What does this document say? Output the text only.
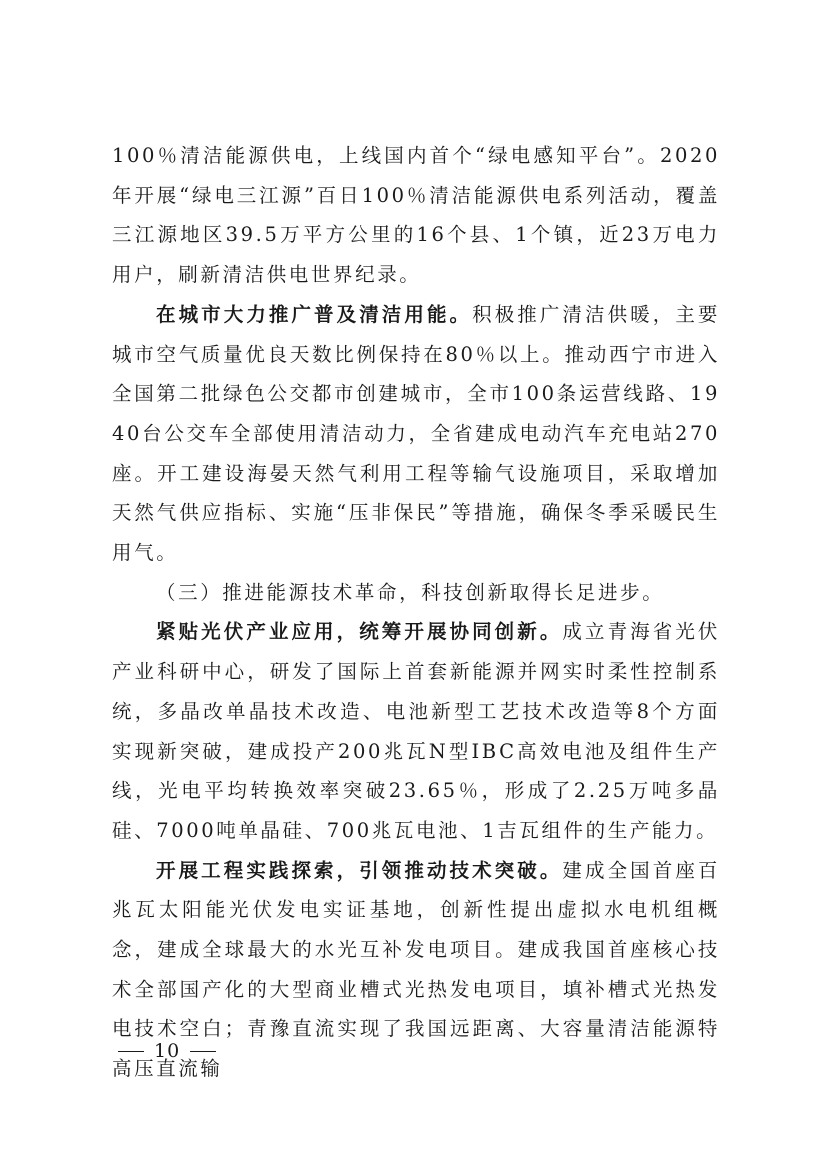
100％清洁能源供电，上线国内首个“绿电感知平台”。2020年开展“绿电三江源”百日100％清洁能源供电系列活动，覆盖三江源地区39.5万平方公里的16个县、1个镇，近23万电力用户，刷新清洁供电世界纪录。

在城市大力推广普及清洁用能。积极推广清洁供暖，主要城市空气质量优良天数比例保持在80％以上。推动西宁市进入全国第二批绿色公交都市创建城市，全市100条运营线路、1940台公交车全部使用清洁动力，全省建成电动汽车充电站270座。开工建设海晏天然气利用工程等输气设施项目，采取增加天然气供应指标、实施“压非保民”等措施，确保冬季采暖民生用气。

（三）推进能源技术革命，科技创新取得长足进步。

紧贴光伏产业应用，统筹开展协同创新。成立青海省光伏产业科研中心，研发了国际上首套新能源并网实时柔性控制系统，多晶改单晶技术改造、电池新型工艺技术改造等8个方面实现新突破，建成投产200兆瓦N型IBC高效电池及组件生产线，光电平均转换效率突破23.65％，形成了2.25万吨多晶硅、7000吨单晶硅、700兆瓦电池、1吉瓦组件的生产能力。

开展工程实践探索，引领推动技术突破。建成全国首座百兆瓦太阳能光伏发电实证基地，创新性提出虚拟水电机组概念，建成全球最大的水光互补发电项目。建成我国首座核心技术全部国产化的大型商业槽式光热发电项目，填补槽式光热发电技术空白；青豫直流实现了我国远距离、大容量清洁能源特高压直流输

10
